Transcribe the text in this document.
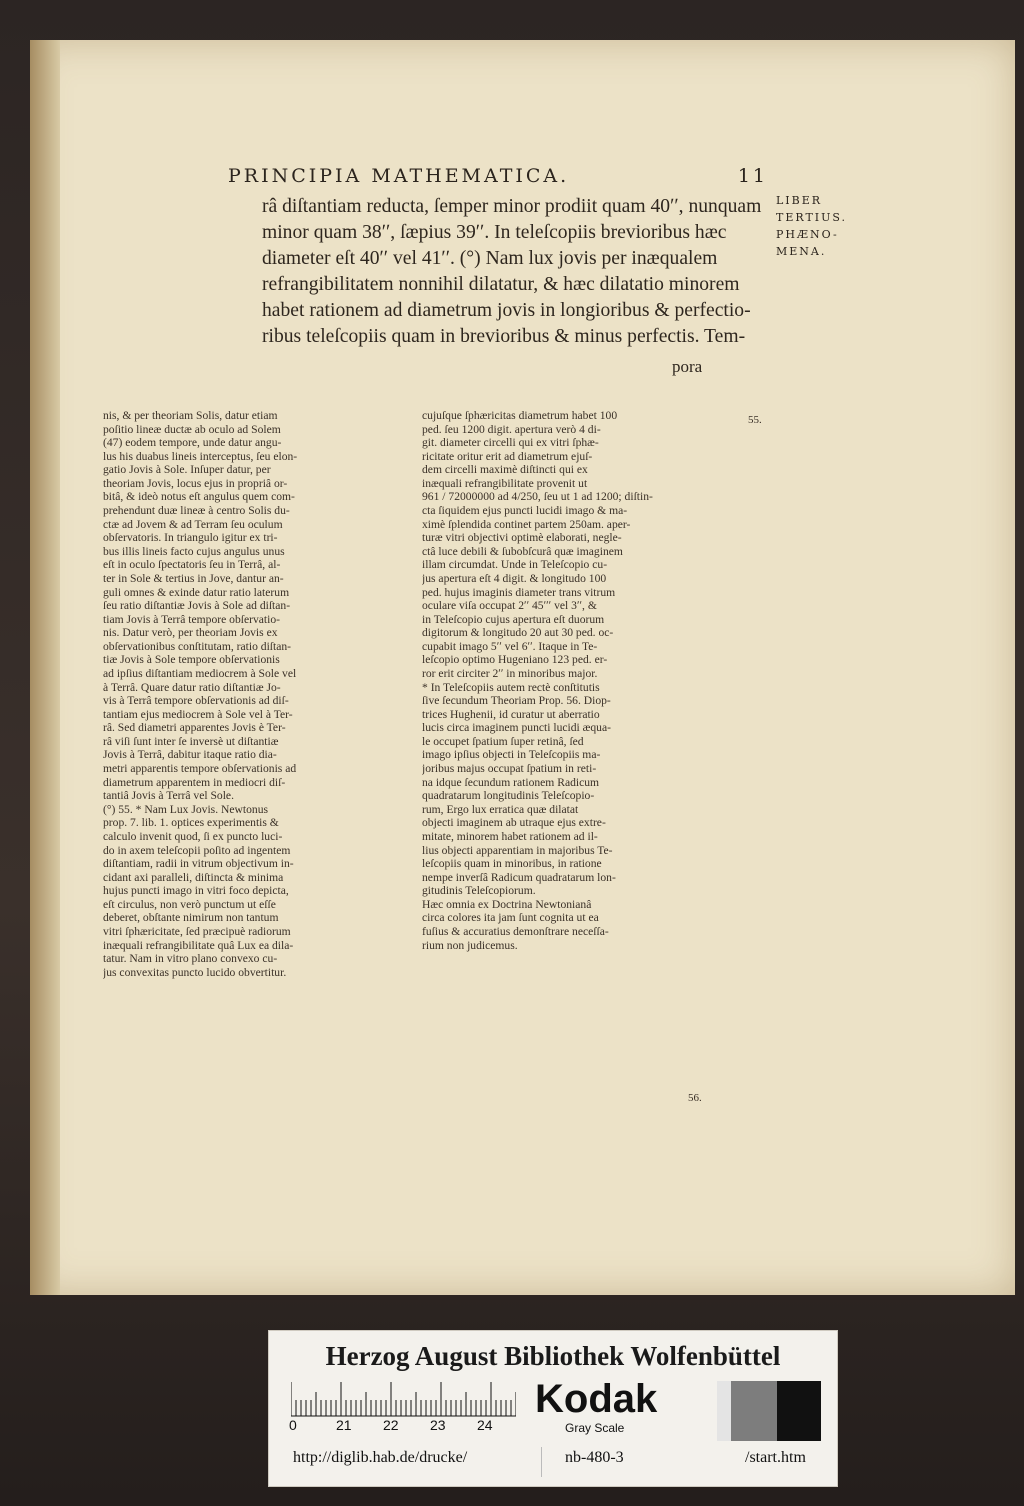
PRINCIPIA MATHEMATICA.	11
LIBER
TERTIUS.
PHÆNO-
MENA.
râ diſtantiam reducta, ſemper minor prodiit quam 40ʹʹ, nunquam
minor quam 38ʹʹ, ſæpius 39ʹʹ. In teleſcopiis brevioribus hæc
diameter eſt 40ʹʹ vel 41ʹʹ. (°) Nam lux jovis per inæqualem
refrangibilitatem nonnihil dilatatur, & hæc dilatatio minorem
habet rationem ad diametrum jovis in longioribus & perfectio-
ribus teleſcopiis quam in brevioribus & minus perfectis. Tem-
pora
nis, & per theoriam Solis, datur etiam
poſitio lineæ ductæ ab oculo ad Solem
(47) eodem tempore, unde datur angu-
lus his duabus lineis interceptus, ſeu elon-
gatio Jovis à Sole. Inſuper datur, per
theoriam Jovis, locus ejus in propriâ or-
bitâ, & ideò notus eſt angulus quem com-
prehendunt duæ lineæ à centro Solis du-
ctæ ad Jovem & ad Terram ſeu oculum
obſervatoris. In triangulo igitur ex tri-
bus illis lineis facto cujus angulus unus
eſt in oculo ſpectatoris ſeu in Terrâ, al-
ter in Sole & tertius in Jove, dantur an-
guli omnes & exinde datur ratio laterum
ſeu ratio diſtantiæ Jovis à Sole ad diſtan-
tiam Jovis à Terrâ tempore obſervatio-
nis. Datur verò, per theoriam Jovis ex
obſervationibus conſtitutam, ratio diſtan-
tiæ Jovis à Sole tempore obſervationis
ad ipſius diſtantiam mediocrem à Sole vel
à Terrâ. Quare datur ratio diſtantiæ Jo-
vis à Terrâ tempore obſervationis ad diſ-
tantiam ejus mediocrem à Sole vel à Ter-
râ. Sed diametri apparentes Jovis è Ter-
râ viſi ſunt inter ſe inversè ut diſtantiæ
Jovis à Terrâ, dabitur itaque ratio dia-
metri apparentis tempore obſervationis ad
diametrum apparentem in mediocri diſ-
tantiâ Jovis à Terrâ vel Sole.
(°) 55. * Nam Lux Jovis. Newtonus
prop. 7. lib. 1. optices experimentis &
calculo invenit quod, ſi ex puncto luci-
do in axem teleſcopii poſito ad ingentem
diſtantiam, radii in vitrum objectivum in-
cidant axi paralleli, diſtincta & minima
hujus puncti imago in vitri foco depicta,
eſt circulus, non verò punctum ut eſſe
deberet, obſtante nimirum non tantum
vitri ſphæricitate, ſed præcipuè radiorum
inæquali refrangibilitate quâ Lux ea dila-
tatur. Nam in vitro plano convexo cu-
jus convexitas puncto lucido obvertitur.
cujuſque ſphæricitas diametrum habet 100
ped. ſeu 1200 digit. apertura verò 4 di-
git. diameter circelli qui ex vitri ſphæ-
ricitate oritur erit ad diametrum ejuſ-
dem circelli maximè diſtincti qui ex
inæquali refrangibilitate provenit ut
961 / 72000000 ad 4/250, ſeu ut 1 ad 1200; diſtin-
cta ſiquidem ejus puncti lucidi imago & ma-
ximè ſplendida continet partem 250am. aper-
turæ vitri objectivi optimè elaborati, negle-
ctâ luce debili & ſubobſcurâ quæ imaginem
illam circumdat. Unde in Teleſcopio cu-
jus apertura eſt 4 digit. & longitudo 100
ped. hujus imaginis diameter trans vitrum
oculare viſa occupat 2ʹʹ 45ʹʹʹ vel 3ʹʹ, &
in Teleſcopio cujus apertura eſt duorum
digitorum & longitudo 20 aut 30 ped. oc-
cupabit imago 5ʹʹ vel 6ʹʹ. Itaque in Te-
leſcopio optimo Hugeniano 123 ped. er-
ror erit circiter 2ʹʹ in minoribus major.
* In Teleſcopiis autem rectè conſtitutis
ſive ſecundum Theoriam Prop. 56. Diop-
trices Hughenii, id curatur ut aberratio
lucis circa imaginem puncti lucidi æqua-
le occupet ſpatium ſuper retinâ, ſed
imago ipſius objecti in Teleſcopiis ma-
joribus majus occupat ſpatium in reti-
na idque ſecundum rationem Radicum
quadratarum longitudinis Teleſcopio-
rum, Ergo lux erratica quæ dilatat
objecti imaginem ab utraque ejus extre-
mitate, minorem habet rationem ad il-
lius objecti apparentiam in majoribus Te-
leſcopiis quam in minoribus, in ratione
nempe inverſâ Radicum quadratarum lon-
gitudinis Teleſcopiorum.
Hæc omnia ex Doctrina Newtonianâ
circa colores ita jam ſunt cognita ut ea
fuſius & accuratius demonſtrare neceſſa-
rium non judicemus.
55.
56.
Herzog August Bibliothek Wolfenbüttel
0	21 22 23 24
Kodak
Gray Scale
http://diglib.hab.de/drucke/	nb-480-3	/start.htm
